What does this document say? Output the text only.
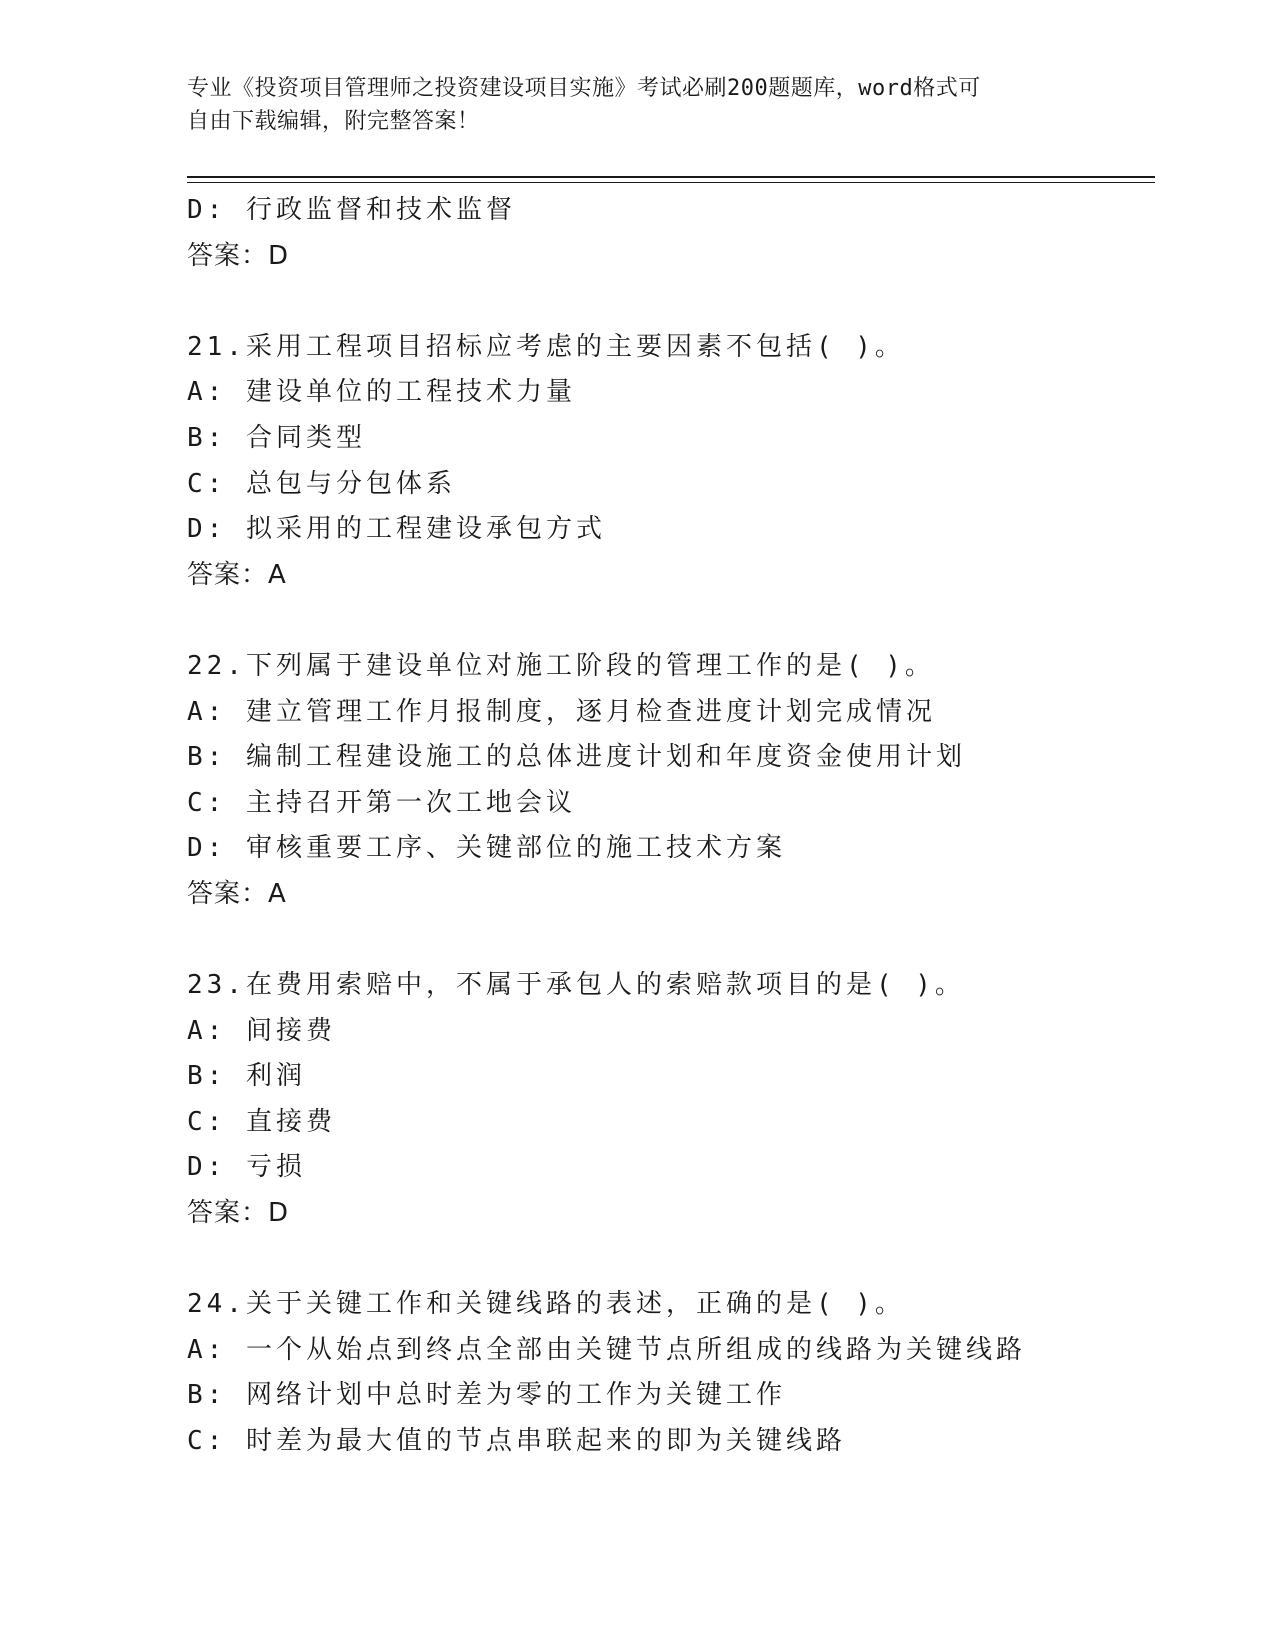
专业《投资项目管理师之投资建设项目实施》考试必刷200题题库，word格式可
自由下载编辑，附完整答案！
D: 行政监督和技术监督
答案：D
21.采用工程项目招标应考虑的主要因素不包括( )。
A: 建设单位的工程技术力量
B: 合同类型
C: 总包与分包体系
D: 拟采用的工程建设承包方式
答案：A
22.下列属于建设单位对施工阶段的管理工作的是( )。
A: 建立管理工作月报制度，逐月检查进度计划完成情况
B: 编制工程建设施工的总体进度计划和年度资金使用计划
C: 主持召开第一次工地会议
D: 审核重要工序、关键部位的施工技术方案
答案：A
23.在费用索赔中，不属于承包人的索赔款项目的是( )。
A: 间接费
B: 利润
C: 直接费
D: 亏损
答案：D
24.关于关键工作和关键线路的表述，正确的是( )。
A: 一个从始点到终点全部由关键节点所组成的线路为关键线路
B: 网络计划中总时差为零的工作为关键工作
C: 时差为最大值的节点串联起来的即为关键线路
